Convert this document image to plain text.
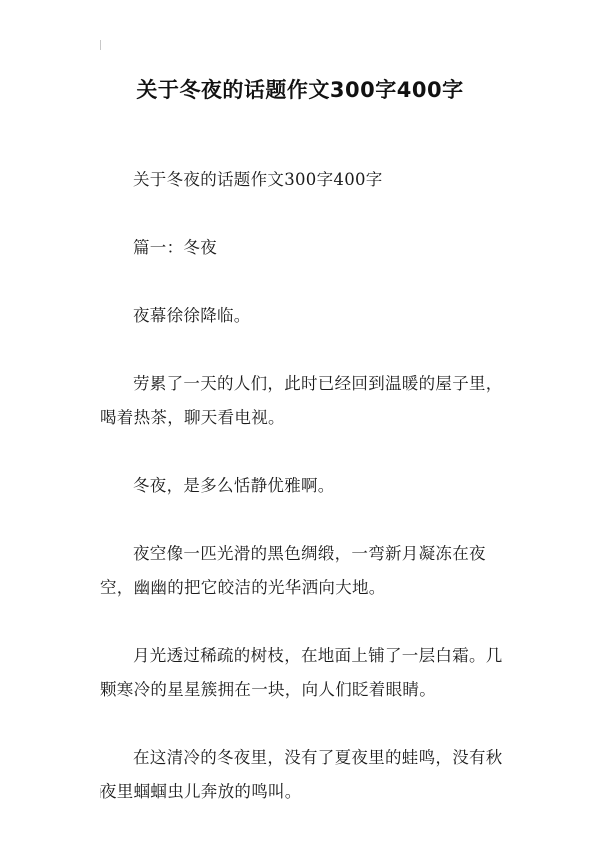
关于冬夜的话题作文300字400字

关于冬夜的话题作文300字400字

篇一：冬夜

夜幕徐徐降临。

劳累了一天的人们，此时已经回到温暖的屋子里，喝着热茶，聊天看电视。

冬夜，是多么恬静优雅啊。

夜空像一匹光滑的黑色绸缎，一弯新月凝冻在夜空，幽幽的把它皎洁的光华洒向大地。

月光透过稀疏的树枝，在地面上铺了一层白霜。几颗寒冷的星星簇拥在一块，向人们眨着眼睛。

在这清冷的冬夜里，没有了夏夜里的蛙鸣，没有秋夜里蝈蝈虫儿奔放的鸣叫。
